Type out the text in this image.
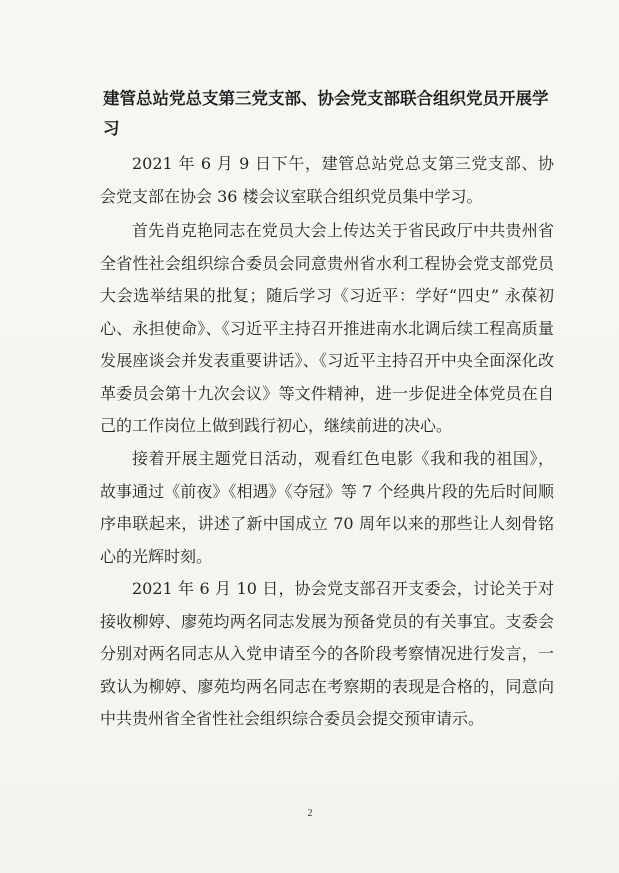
建管总站党总支第三党支部、协会党支部联合组织党员开展学习

2021 年 6 月 9 日下午，建管总站党总支第三党支部、协会党支部在协会 36 楼会议室联合组织党员集中学习。

首先肖克艳同志在党员大会上传达关于省民政厅中共贵州省全省性社会组织综合委员会同意贵州省水利工程协会党支部党员大会选举结果的批复；随后学习《习近平：学好“四史” 永葆初心、永担使命》、《习近平主持召开推进南水北调后续工程高质量发展座谈会并发表重要讲话》、《习近平主持召开中央全面深化改革委员会第十九次会议》等文件精神，进一步促进全体党员在自己的工作岗位上做到践行初心，继续前进的决心。

接着开展主题党日活动，观看红色电影《我和我的祖国》，故事通过《前夜》《相遇》《夺冠》等 7 个经典片段的先后时间顺序串联起来，讲述了新中国成立 70 周年以来的那些让人刻骨铭心的光辉时刻。

2021 年 6 月 10 日，协会党支部召开支委会，讨论关于对接收柳婷、廖苑均两名同志发展为预备党员的有关事宜。支委会分别对两名同志从入党申请至今的各阶段考察情况进行发言，一致认为柳婷、廖苑均两名同志在考察期的表现是合格的，同意向中共贵州省全省性社会组织综合委员会提交预审请示。

2
